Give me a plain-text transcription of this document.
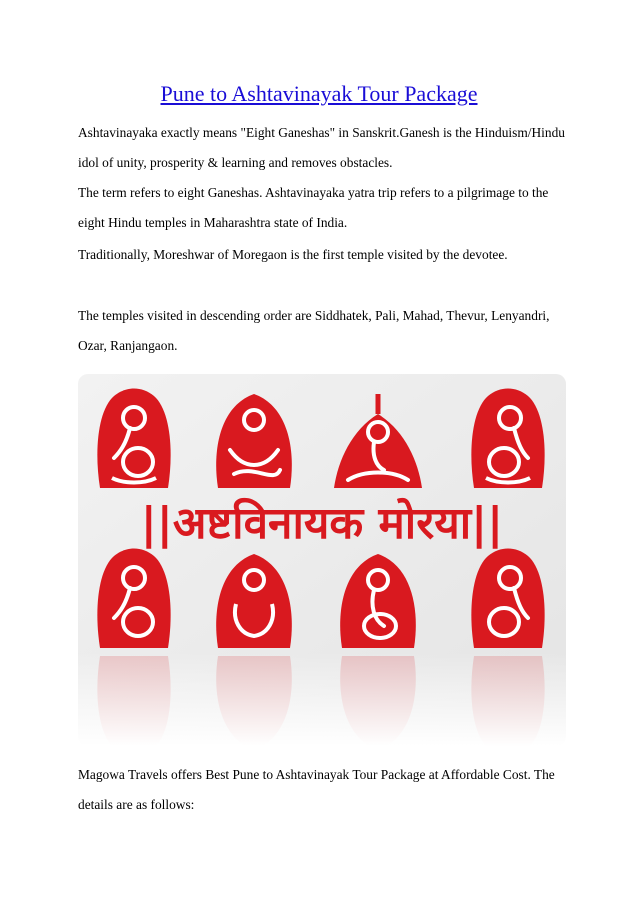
Pune to Ashtavinayak Tour Package

Ashtavinayaka exactly means "Eight Ganeshas" in Sanskrit.Ganesh is the Hinduism/Hindu idol of unity, prosperity & learning and removes obstacles.

The term refers to eight Ganeshas. Ashtavinayaka yatra trip refers to a pilgrimage to the eight Hindu temples in Maharashtra state of India.

Traditionally, Moreshwar of Moregaon is the first temple visited by the devotee.

The temples visited in descending order are Siddhatek, Pali, Mahad, Thevur, Lenyandri, Ozar, Ranjangaon.

||अष्टविनायक मोरया||

Magowa Travels offers Best Pune to Ashtavinayak Tour Package at Affordable Cost. The details are as follows:
